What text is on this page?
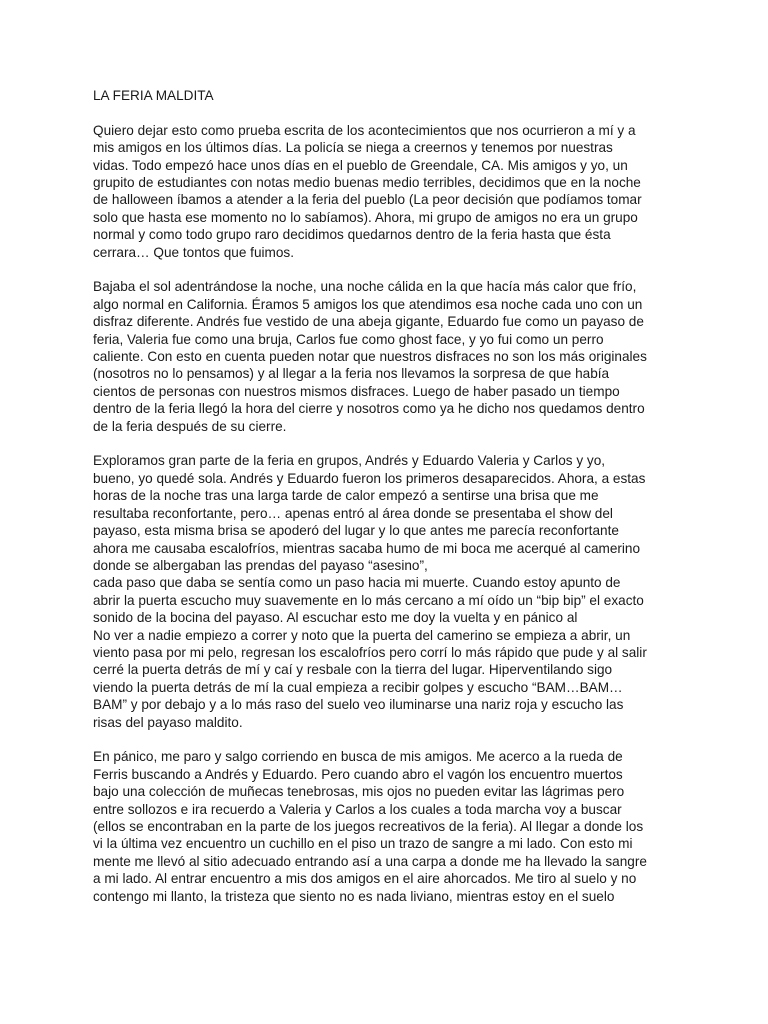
LA FERIA MALDITA
Quiero dejar esto como prueba escrita de los acontecimientos que nos ocurrieron a mí y a
mis amigos en los últimos días. La policía se niega a creernos y tenemos por nuestras
vidas. Todo empezó hace unos días en el pueblo de Greendale, CA. Mis amigos y yo, un
grupito de estudiantes con notas medio buenas medio terribles, decidimos que en la noche
de halloween íbamos a atender a la feria del pueblo (La peor decisión que podíamos tomar
solo que hasta ese momento no lo sabíamos). Ahora, mi grupo de amigos no era un grupo
normal y como todo grupo raro decidimos quedarnos dentro de la feria hasta que ésta
cerrara… Que tontos que fuimos.
Bajaba el sol adentrándose la noche, una noche cálida en la que hacía más calor que frío,
algo normal en California. Éramos 5 amigos los que atendimos esa noche cada uno con un
disfraz diferente. Andrés fue vestido de una abeja gigante, Eduardo fue como un payaso de
feria, Valeria fue como una bruja, Carlos fue como ghost face, y yo fui como un perro
caliente. Con esto en cuenta pueden notar que nuestros disfraces no son los más originales
(nosotros no lo pensamos) y al llegar a la feria nos llevamos la sorpresa de que había
cientos de personas con nuestros mismos disfraces. Luego de haber pasado un tiempo
dentro de la feria llegó la hora del cierre y nosotros como ya he dicho nos quedamos dentro
de la feria después de su cierre.
Exploramos gran parte de la feria en grupos, Andrés y Eduardo Valeria y Carlos y yo,
bueno, yo quedé sola. Andrés y Eduardo fueron los primeros desaparecidos. Ahora, a estas
horas de la noche tras una larga tarde de calor empezó a sentirse una brisa que me
resultaba reconfortante, pero… apenas entró al área donde se presentaba el show del
payaso, esta misma brisa se apoderó del lugar y lo que antes me parecía reconfortante
ahora me causaba escalofríos, mientras sacaba humo de mi boca me acerqué al camerino
donde se albergaban las prendas del payaso “asesino”,
cada paso que daba se sentía como un paso hacia mi muerte. Cuando estoy apunto de
abrir la puerta escucho muy suavemente en lo más cercano a mí oído un “bip bip” el exacto
sonido de la bocina del payaso. Al escuchar esto me doy la vuelta y en pánico al
No ver a nadie empiezo a correr y noto que la puerta del camerino se empieza a abrir, un
viento pasa por mi pelo, regresan los escalofríos pero corrí lo más rápido que pude y al salir
cerré la puerta detrás de mí y caí y resbale con la tierra del lugar. Hiperventilando sigo
viendo la puerta detrás de mí la cual empieza a recibir golpes y escucho “BAM…BAM…
BAM” y por debajo y a lo más raso del suelo veo iluminarse una nariz roja y escucho las
risas del payaso maldito.
En pánico, me paro y salgo corriendo en busca de mis amigos. Me acerco a la rueda de
Ferris buscando a Andrés y Eduardo. Pero cuando abro el vagón los encuentro muertos
bajo una colección de muñecas tenebrosas, mis ojos no pueden evitar las lágrimas pero
entre sollozos e ira recuerdo a Valeria y Carlos a los cuales a toda marcha voy a buscar
(ellos se encontraban en la parte de los juegos recreativos de la feria). Al llegar a donde los
vi la última vez encuentro un cuchillo en el piso un trazo de sangre a mi lado. Con esto mi
mente me llevó al sitio adecuado entrando así a una carpa a donde me ha llevado la sangre
a mi lado. Al entrar encuentro a mis dos amigos en el aire ahorcados. Me tiro al suelo y no
contengo mi llanto, la tristeza que siento no es nada liviano, mientras estoy en el suelo
